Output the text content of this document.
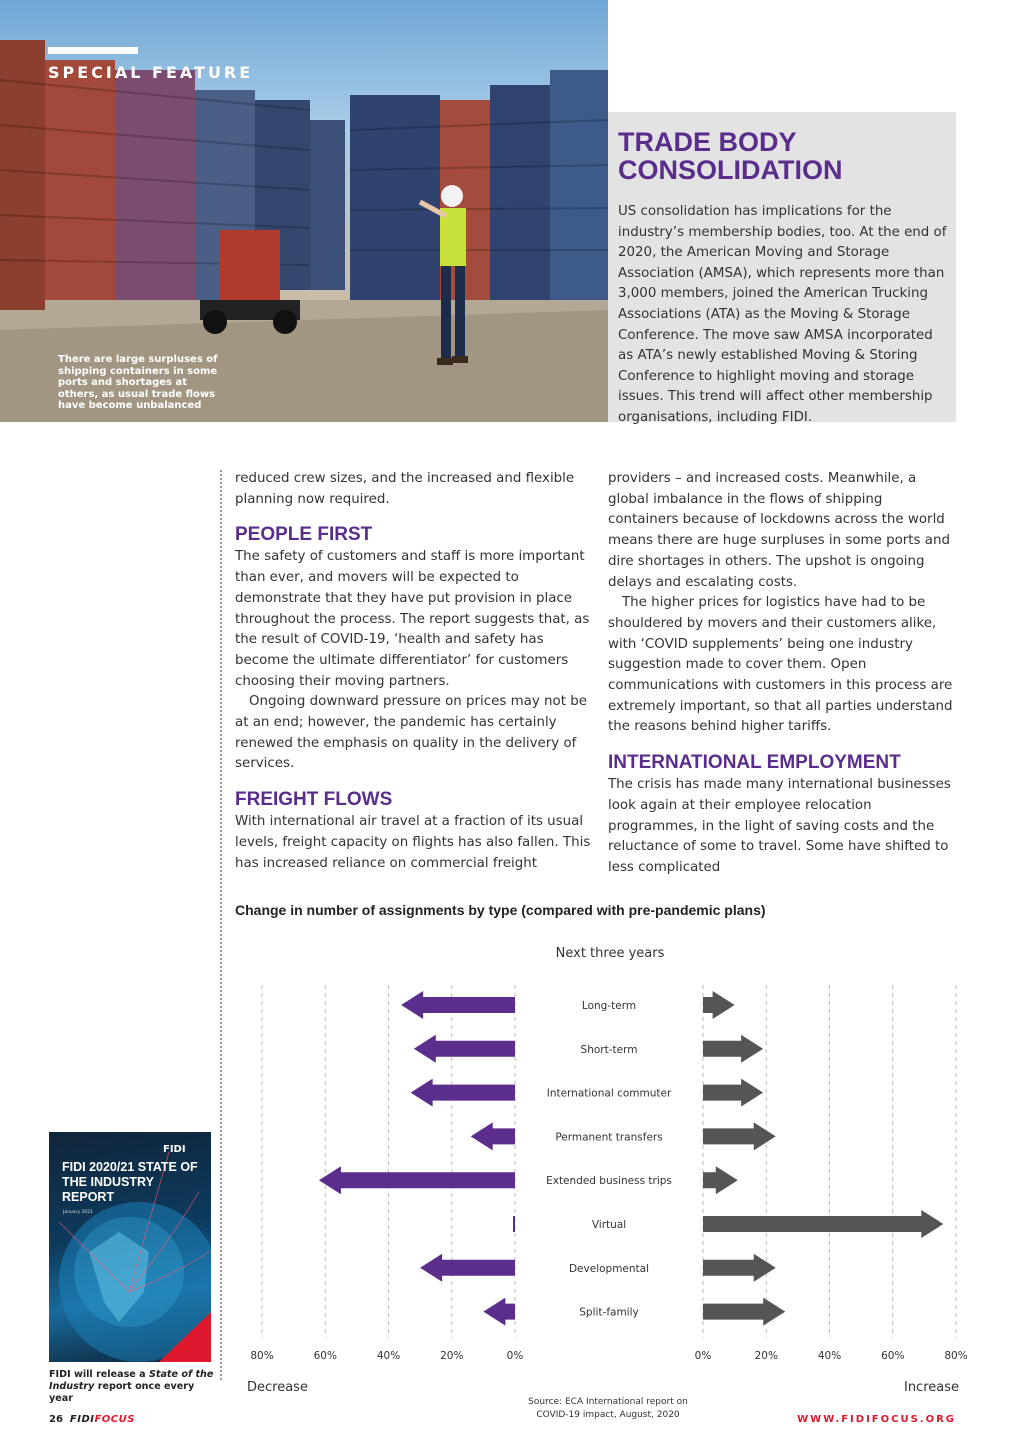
SPECIAL FEATURE
There are large surpluses of shipping containers in some ports and shortages at others, as usual trade flows have become unbalanced
TRADE BODY CONSOLIDATION
US consolidation has implications for the industry’s membership bodies, too. At the end of 2020, the American Moving and Storage Association (AMSA), which represents more than 3,000 members, joined the American Trucking Associations (ATA) as the Moving & Storage Conference. The move saw AMSA incorporated as ATA’s newly established Moving & Storing Conference to highlight moving and storage issues. This trend will affect other membership organisations, including FIDI.

reduced crew sizes, and the increased and flexible planning now required.

PEOPLE FIRST

The safety of customers and staff is more important than ever, and movers will be expected to demonstrate that they have put provision in place throughout the process. The report suggests that, as the result of COVID-19, ‘health and safety has become the ultimate differentiator’ for customers choosing their moving partners.

Ongoing downward pressure on prices may not be at an end; however, the pandemic has certainly renewed the emphasis on quality in the delivery of services.

FREIGHT FLOWS

With international air travel at a fraction of its usual levels, freight capacity on flights has also fallen. This has increased reliance on commercial freight

providers – and increased costs. Meanwhile, a global imbalance in the flows of shipping containers because of lockdowns across the world means there are huge surpluses in some ports and dire shortages in others. The upshot is ongoing delays and escalating costs.

The higher prices for logistics have had to be shouldered by movers and their customers alike, with ‘COVID supplements’ being one industry suggestion made to cover them. Open communications with customers in this process are extremely important, so that all parties understand the reasons behind higher tariffs.

INTERNATIONAL EMPLOYMENT

The crisis has made many international businesses look again at their employee relocation programmes, in the light of saving costs and the reluctance of some to travel. Some have shifted to less complicated

Change in number of assignments by type (compared with pre-pandemic plans)
Next three years
Long-term
Short-term
International commuter
Permanent transfers
Extended business trips
Virtual
Developmental
Split-family
80%	60%	40%	20%	0%	0%	20%	40%	60%	80%
Decrease	Increase
Source: ECA International report on
COVID-19 impact, August, 2020
FIDI
FIDI 2020/21 STATE OF THE INDUSTRY REPORT
January 2021
FIDI will release a State of the Industry report once every year
26 FIDIFOCUS	WWW.FIDIFOCUS.ORG
